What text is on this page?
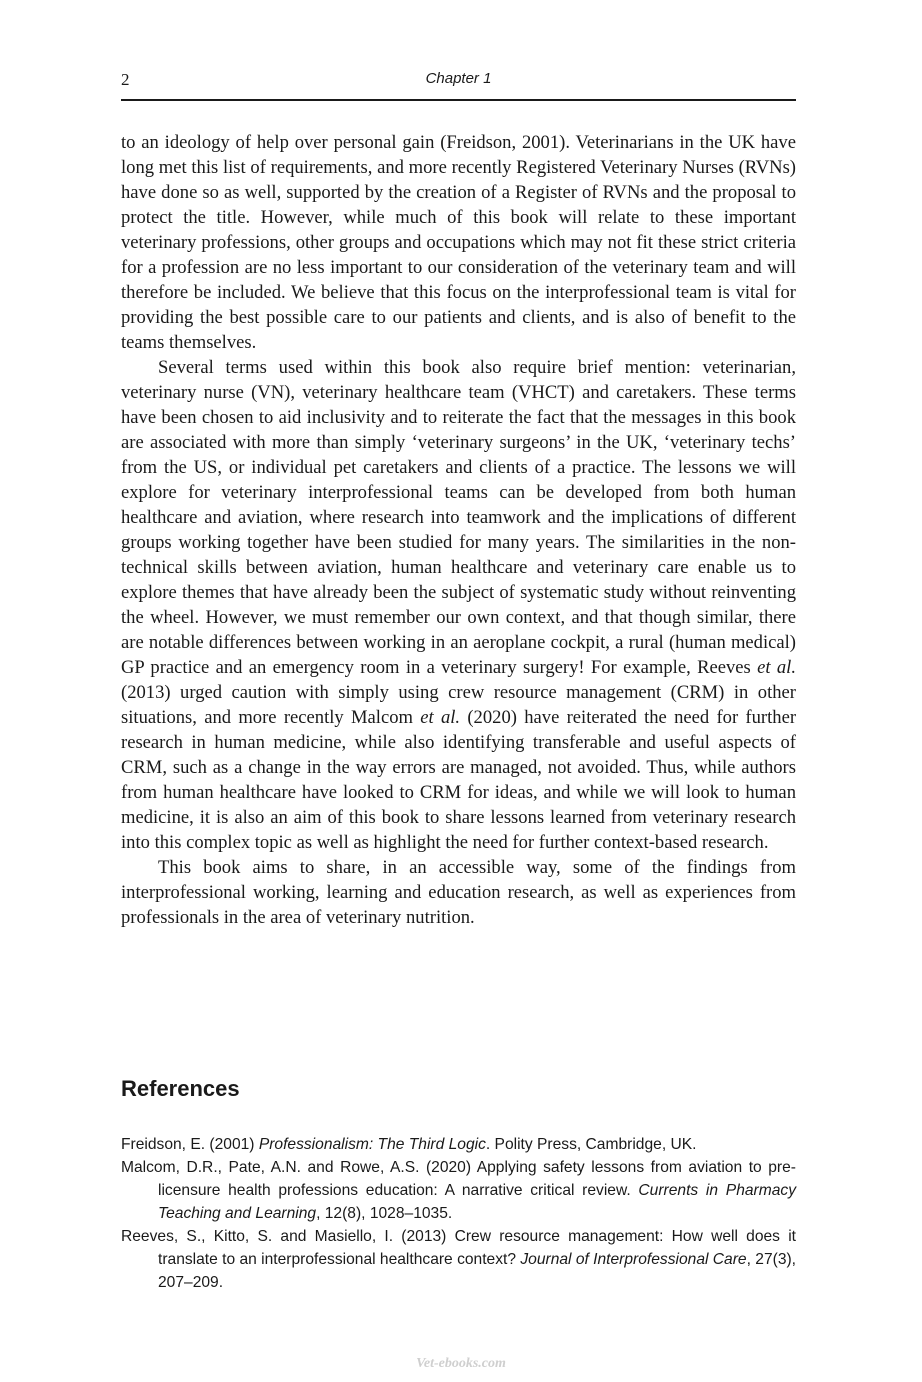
2	Chapter 1

to an ideology of help over personal gain (Freidson, 2001). Veterinarians in the UK have long met this list of requirements, and more recently Registered Veterinary Nurses (RVNs) have done so as well, supported by the creation of a Register of RVNs and the proposal to protect the title. However, while much of this book will relate to these important veterinary professions, other groups and occupations which may not fit these strict criteria for a profession are no less important to our consideration of the veterinary team and will therefore be included. We believe that this focus on the interprofessional team is vital for providing the best possible care to our patients and clients, and is also of benefit to the teams themselves.

Several terms used within this book also require brief mention: veterinarian, veterinary nurse (VN), veterinary healthcare team (VHCT) and caretakers. These terms have been chosen to aid inclusivity and to reiterate the fact that the messages in this book are associated with more than simply ‘veterinary surgeons’ in the UK, ‘veterinary techs’ from the US, or individual pet caretakers and clients of a practice. The lessons we will explore for veterinary interprofessional teams can be developed from both human healthcare and aviation, where research into teamwork and the implications of different groups working together have been studied for many years. The similarities in the non-technical skills between aviation, human healthcare and veterinary care enable us to explore themes that have already been the subject of systematic study without reinventing the wheel. However, we must remember our own context, and that though similar, there are notable differences between working in an aeroplane cockpit, a rural (human medical) GP practice and an emergency room in a veterinary surgery! For example, Reeves et al. (2013) urged caution with simply using crew resource management (CRM) in other situations, and more recently Malcom et al. (2020) have reiterated the need for further research in human medicine, while also identifying transferable and useful aspects of CRM, such as a change in the way errors are managed, not avoided. Thus, while authors from human healthcare have looked to CRM for ideas, and while we will look to human medicine, it is also an aim of this book to share lessons learned from veterinary research into this complex topic as well as highlight the need for further context-based research.

This book aims to share, in an accessible way, some of the findings from interprofessional working, learning and education research, as well as experiences from professionals in the area of veterinary nutrition.

References

Freidson, E. (2001) Professionalism: The Third Logic. Polity Press, Cambridge, UK.

Malcom, D.R., Pate, A.N. and Rowe, A.S. (2020) Applying safety lessons from aviation to pre-licensure health professions education: A narrative critical review. Currents in Pharmacy Teaching and Learning, 12(8), 1028–1035.

Reeves, S., Kitto, S. and Masiello, I. (2013) Crew resource management: How well does it translate to an interprofessional healthcare context? Journal of Interprofessional Care, 27(3), 207–209.

Vet-ebooks.com
